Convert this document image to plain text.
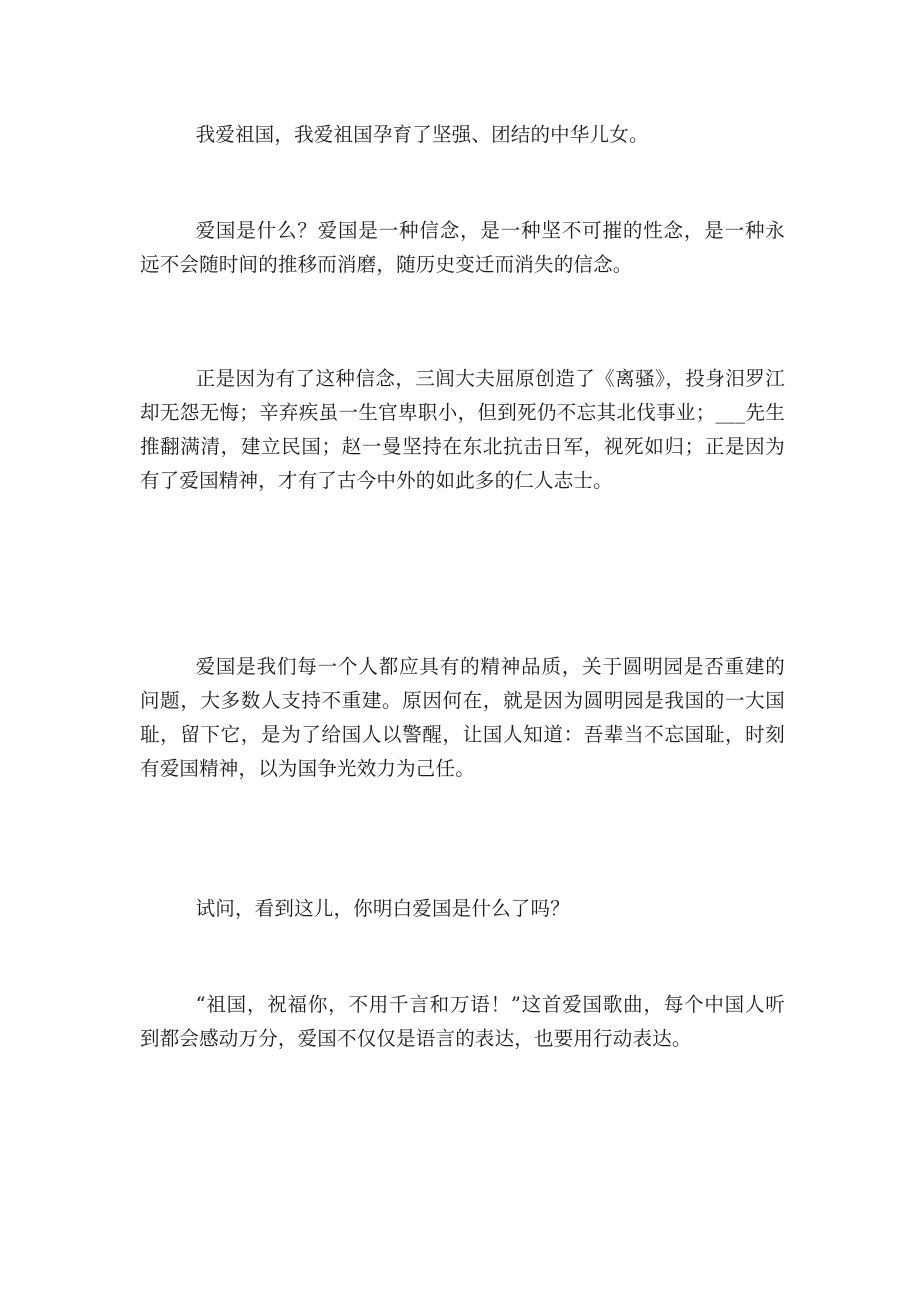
我爱祖国，我爱祖国孕育了坚强、团结的中华儿女。

爱国是什么？爱国是一种信念，是一种坚不可摧的性念，是一种永远不会随时间的推移而消磨，随历史变迁而消失的信念。

正是因为有了这种信念，三闾大夫屈原创造了《离骚》，投身汨罗江却无怨无悔；辛弃疾虽一生官卑职小，但到死仍不忘其北伐事业；___先生推翻满清，建立民国；赵一曼坚持在东北抗击日军，视死如归；正是因为有了爱国精神，才有了古今中外的如此多的仁人志士。

爱国是我们每一个人都应具有的精神品质，关于圆明园是否重建的问题，大多数人支持不重建。原因何在，就是因为圆明园是我国的一大国耻，留下它，是为了给国人以警醒，让国人知道：吾辈当不忘国耻，时刻有爱国精神，以为国争光效力为己任。

试问，看到这儿，你明白爱国是什么了吗？

“祖国，祝福你，不用千言和万语！”这首爱国歌曲，每个中国人听到都会感动万分，爱国不仅仅是语言的表达，也要用行动表达。
